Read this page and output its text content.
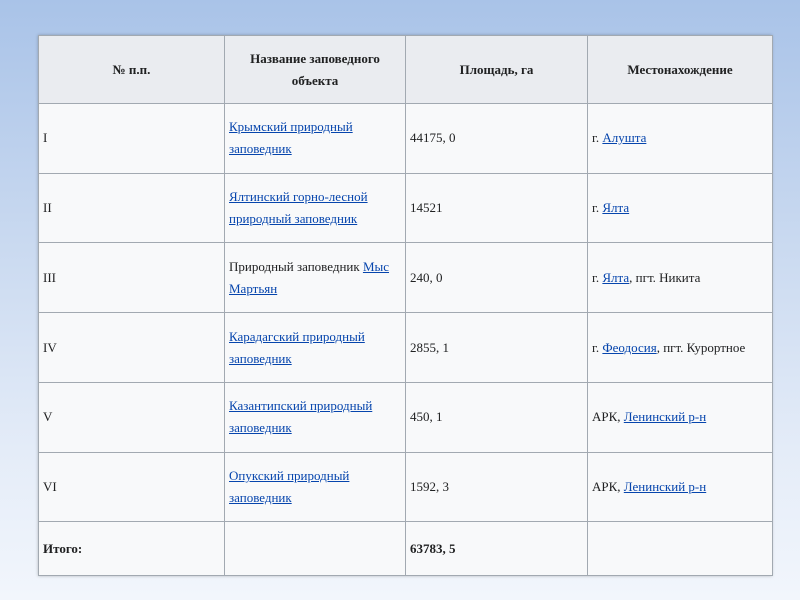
№ п.п.	Название заповедного объекта	Площадь, га	Местонахождение
I	Крымский природный заповедник	44175, 0	г. Алушта
II	Ялтинский горно-лесной природный заповедник	14521	г. Ялта
III	Природный заповедник Мыс Мартьян	240, 0	г. Ялта, пгт. Никита
IV	Карадагский природный заповедник	2855, 1	г. Феодосия, пгт. Курортное
V	Казантипский природный заповедник	450, 1	АРК, Ленинский р-н
VI	Опукский природный заповедник	1592, 3	АРК, Ленинский р-н
Итого:		63783, 5	
